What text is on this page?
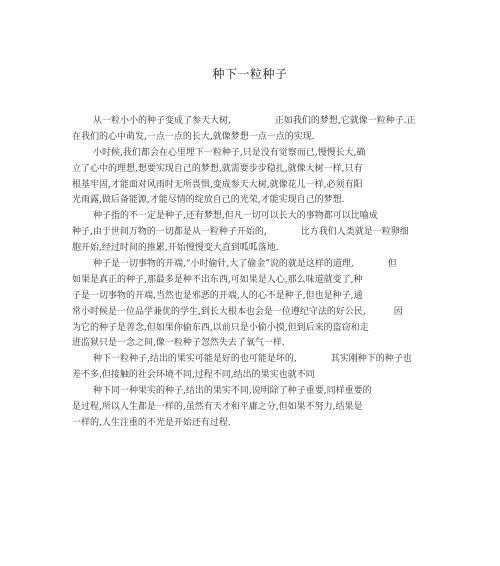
种下一粒种子
从一粒小小的种子变成了参天大树,	正如我们的梦想,它就像一粒种子.正
在我们的心中萌发,一点一点的长大,就像梦想一点一点的实现.
小时候,我们都会在心里埋下一粒种子,只是没有觉察而已,慢慢长大,确
立了心中的理想,想要实现自己的梦想,就需要步步稳扎,就像大树一样,只有
根基牢固,才能面对风雨时无所畏惧,变成参天大树,就像花儿一样,必须有阳
光雨露,做后备能源,才能尽情的绽放自己的光荣,才能实现自己的梦想.
种子指的不一定是种子,还有梦想,但凡一切可以长大的事物都可以比喻成
种子,由于世间万物的一切都是从一粒种子开始的,	比方我们人类就是一粒卵细
胞开始,经过时间的推累,开始慢慢变大直到呱呱落地.
种子是一切事物的开端,“小时偷针,大了偷金”说的就是这样的道理,	但
如果是真正的种子,那最多是种不出东西,可如果是人心,那么味道就变了,种
子是一切事物的开端,当然也是邪恶的开端,人的心不是种子,但也是种子,通
常小时候是一位品学兼优的学生,到长大根本也会是一位遵纪守法的好公民,	因
为它的种子是善念,但如果你偷东西,以前只是小偷小摸,但到后来的盗窃和走
进监狱只是一念之间,像一粒种子忽然失去了氧气一样.
种下一粒种子,结出的果实可能是好的也可能是坏的,	其实刚种下的种子也
差不多,但接触的社会环境不同,过程不同,结出的果实也就不同
种下同一种果实的种子,结出的果实不同,说明除了种子重要,同样重要的
是过程,所以人生都是一样的,虽然有天才和平庸之分,但如果不努力,结果是
一样的,人生注重的不光是开始还有过程.
